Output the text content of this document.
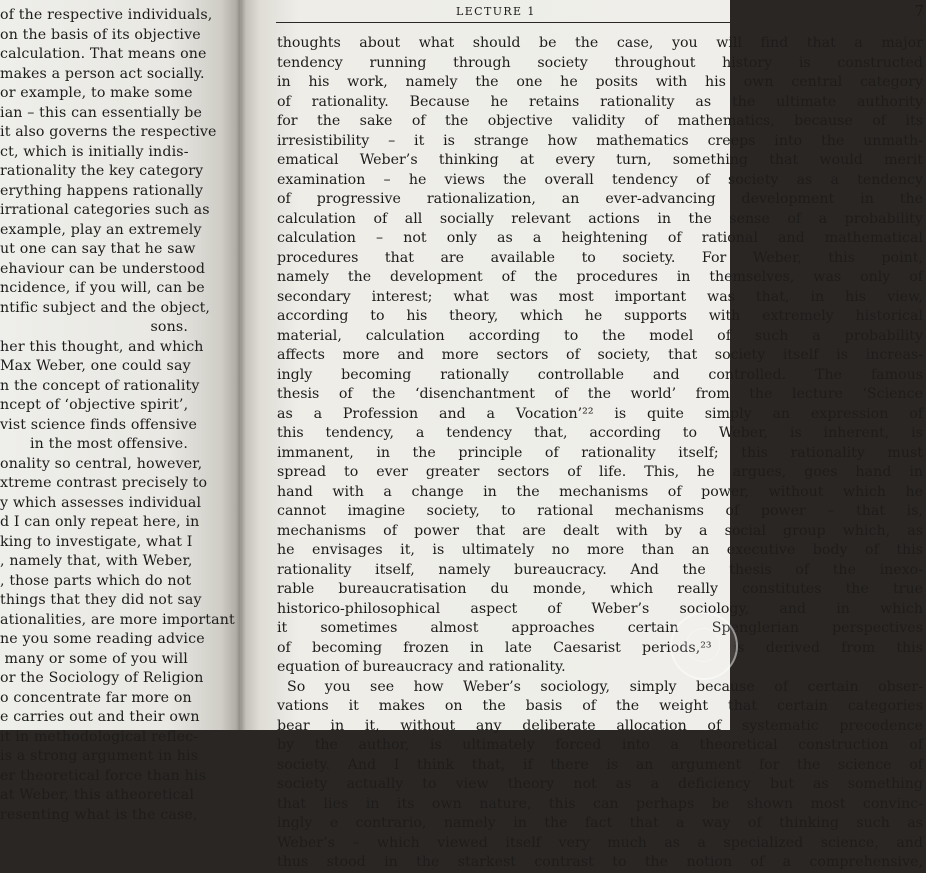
of the respective individuals,
on the basis of its objective
calculation. That means one
makes a person act socially.
or example, to make some
ian – this can essentially be
it also governs the respective
ct, which is initially indis-
rationality the key category
erything happens rationally
irrational categories such as
example, play an extremely
ut one can say that he saw
ehaviour can be understood
ncidence, if you will, can be
ntific subject and the object,
sons.
her this thought, and which
Max Weber, one could say
n the concept of rationality
ncept of ‘objective spirit’,
vist science finds offensive
in the most offensive.
onality so central, however,
xtreme contrast precisely to
y which assesses individual
d I can only repeat here, in
king to investigate, what I
, namely that, with Weber,
, those parts which do not
things that they did not say
ationalities, are more important
ne you some reading advice
many or some of you will
or the Sociology of Religion
o concentrate far more on
e carries out and their own
it in methodological reflec-
is a strong argument in his
er theoretical force than his
at Weber, this atheoretical
resenting what is the case,
LECTURE 1	7
thoughts about what should be the case, you will find that a major
tendency running through society throughout history is constructed
in his work, namely the one he posits with his own central category
of rationality. Because he retains rationality as the ultimate authority
for the sake of the objective validity of mathematics, because of its
irresistibility – it is strange how mathematics creeps into the unmath-
ematical Weber’s thinking at every turn, something that would merit
examination – he views the overall tendency of society as a tendency
of progressive rationalization, an ever-advancing development in the
calculation of all socially relevant actions in the sense of a probability
calculation – not only as a heightening of rational and mathematical
procedures that are available to society. For Weber, this point,
namely the development of the procedures in themselves, was only of
secondary interest; what was most important was that, in his view,
according to his theory, which he supports with extremely historical
material, calculation according to the model of such a probability
affects more and more sectors of society, that society itself is increas-
ingly becoming rationally controllable and controlled. The famous
thesis of the ‘disenchantment of the world’ from the lecture ‘Science
as a Profession and a Vocation’²² is quite simply an expression of
this tendency, a tendency that, according to Weber, is inherent, is
immanent, in the principle of rationality itself; this rationality must
spread to ever greater sectors of life. This, he argues, goes hand in
hand with a change in the mechanisms of power, without which he
cannot imagine society, to rational mechanisms of power – that is,
mechanisms of power that are dealt with by a social group which, as
he envisages it, is ultimately no more than an executive body of this
rationality itself, namely bureaucracy. And the thesis of the inexo-
rable bureaucratisation du monde, which really constitutes the true
historico-philosophical aspect of Weber’s sociology, and in which
it sometimes almost approaches certain Spenglerian perspectives
of becoming frozen in late Caesarist periods,²³ is derived from this
equation of bureaucracy and rationality.
So you see how Weber’s sociology, simply because of certain obser-
vations it makes on the basis of the weight that certain categories
bear in it, without any deliberate allocation of systematic precedence
by the author, is ultimately forced into a theoretical construction of
society. And I think that, if there is an argument for the science of
society actually to view theory not as a deficiency but as something
that lies in its own nature, this can perhaps be shown most convinc-
ingly e contrario, namely in the fact that a way of thinking such as
Weber’s – which viewed itself very much as a specialized science, and
thus stood in the starkest contrast to the notion of a comprehensive,
